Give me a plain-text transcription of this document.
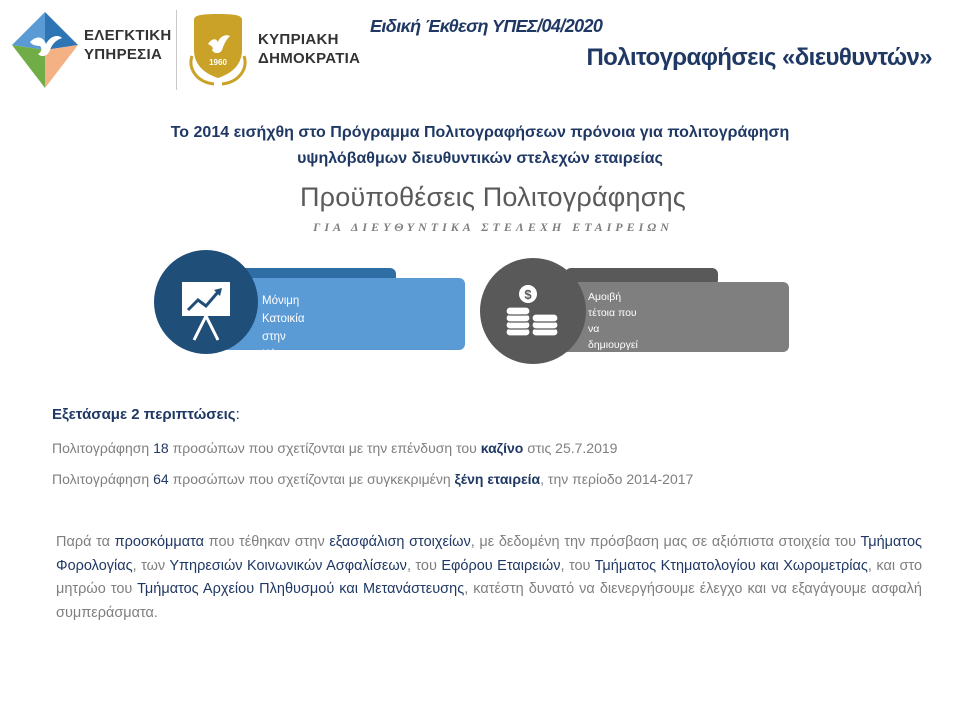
ΕΛΕΓΚΤΙΚΗ
ΥΠΗΡΕΣΙΑ	1960
ΚΥΠΡΙΑΚΗ
ΔΗΜΟΚΡΑΤΙΑ
Ειδική Έκθεση ΥΠΕΣ/04/2020
Πολιτογραφήσεις «διευθυντών»
Το 2014 εισήχθη στο Πρόγραμμα Πολιτογραφήσεων πρόνοια για πολιτογράφηση
υψηλόβαθμων διευθυντικών στελεχών εταιρείας
Προϋποθέσεις Πολιτογράφησης
ΓΙΑ ΔΙΕΥΘΥΝΤΙΚΑ ΣΤΕΛΕΧΗ ΕΤΑΙΡΕΙΩΝ
Μόνιμη Κατοικία στην Κύπρο
€500.000 + ΦΠΑ
$	Αμοιβή τέτοια που να
δημιουργεί  φορολογικά έσοδα
€100.000 σε 3 χρόνια
Εξετάσαμε 2 περιπτώσεις:
Πολιτογράφηση 18 προσώπων που σχετίζονται με την επένδυση του καζίνο στις 25.7.2019
Πολιτογράφηση 64 προσώπων που σχετίζονται με συγκεκριμένη ξένη εταιρεία, την περίοδο 2014-2017
Παρά τα προσκόμματα που τέθηκαν στην εξασφάλιση στοιχείων, με δεδομένη την πρόσβαση μας σε αξιόπιστα στοιχεία του Τμήματος Φορολογίας, των Υπηρεσιών Κοινωνικών Ασφαλίσεων, του Εφόρου Εταιρειών, του Τμήματος Κτηματολογίου και Χωρομετρίας, και στο μητρώο του Τμήματος Αρχείου Πληθυσμού και Μετανάστευσης, κατέστη δυνατό να διενεργήσουμε έλεγχο και να εξαγάγουμε ασφαλή συμπεράσματα.
